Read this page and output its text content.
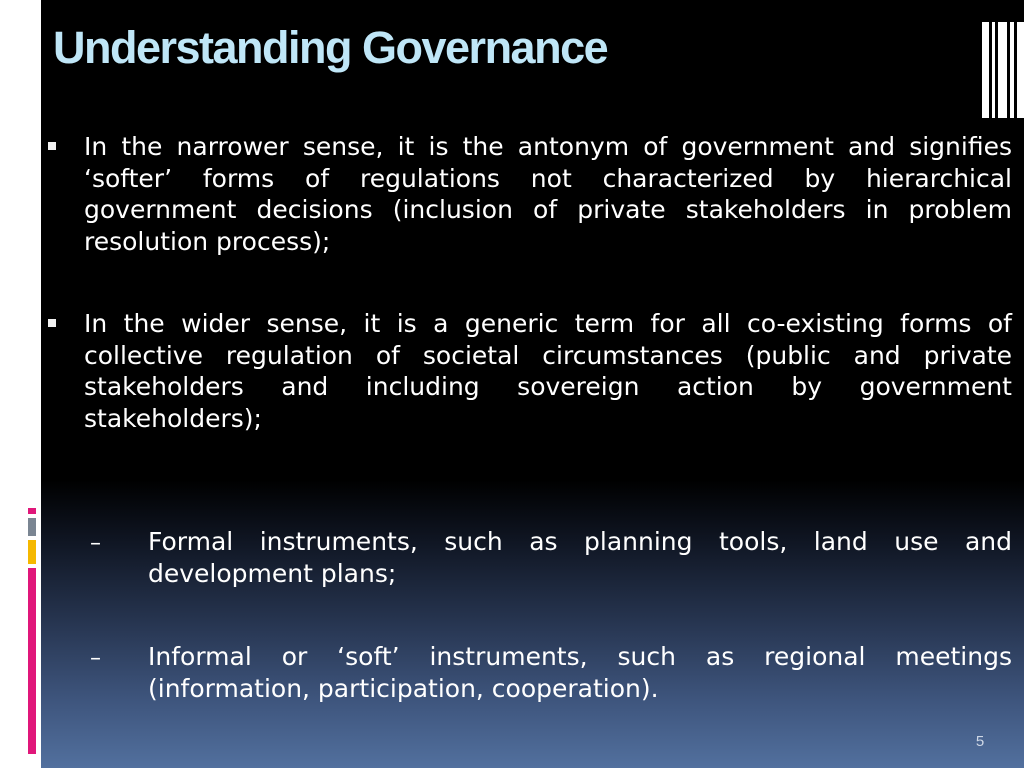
Understanding Governance

In the narrower sense, it is the antonym of government and signifies ‘softer’ forms of regulations not characterized by hierarchical government decisions (inclusion of private stakeholders in problem resolution process);

In the wider sense, it is a generic term for all co-existing forms of collective regulation of societal circumstances (public and private stakeholders and including sovereign action by government stakeholders);

– Formal instruments, such as planning tools, land use and development plans;

– Informal or ‘soft’ instruments, such as regional meetings (information, participation, cooperation).

5
